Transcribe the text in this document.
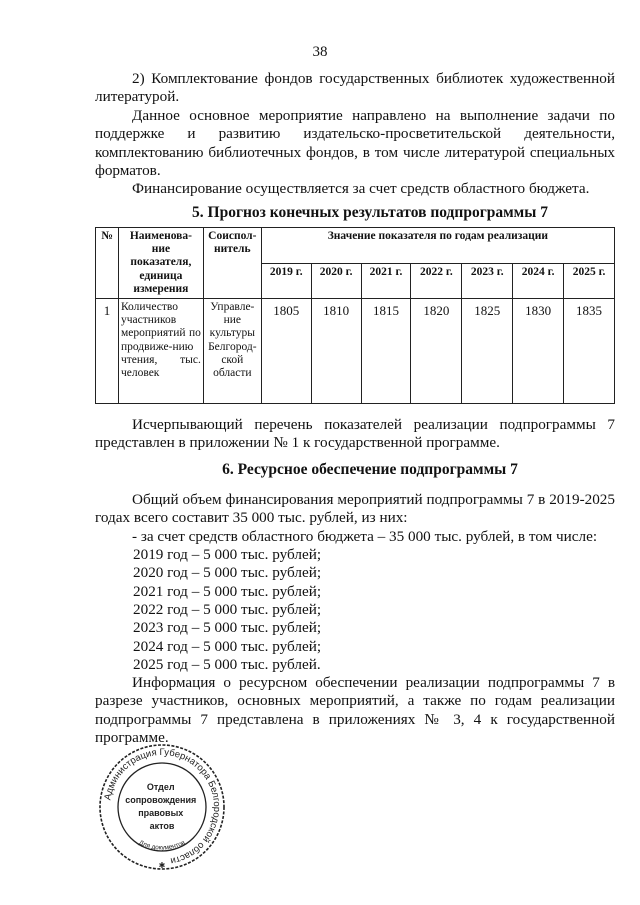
38

2) Комплектование фондов государственных библиотек художественной литературой.

Данное основное мероприятие направлено на выполнение задачи по поддержке и развитию издательско-просветительской деятельности, комплектованию библиотечных фондов, в том числе литературой специальных форматов.

Финансирование осуществляется за счет средств областного бюджета.

5. Прогноз конечных результатов подпрограммы 7
№	Наименова-ние показателя, единица измерения	Соиспол-нитель	Значение показателя по годам реализации						
			2019 г.	2020 г.	2021 г.	2022 г.	2023 г.	2024 г.	2025 г.
1	Количество участников мероприятий по продвиже-нию чтения, тыс. человек	Управле-ние культуры Белгород-ской области	1805	1810	1815	1820	1825	1830	1835

Исчерпывающий перечень показателей реализации подпрограммы 7 представлен в приложении № 1 к государственной программе.

6. Ресурсное обеспечение подпрограммы 7

Общий объем финансирования мероприятий подпрограммы 7 в 2019-2025 годах всего составит 35 000 тыс. рублей, из них:

- за счет средств областного бюджета – 35 000 тыс. рублей, в том числе:

2019 год – 5 000 тыс. рублей;
2020 год – 5 000 тыс. рублей;
2021 год – 5 000 тыс. рублей;
2022 год – 5 000 тыс. рублей;
2023 год – 5 000 тыс. рублей;
2024 год – 5 000 тыс. рублей;
2025 год – 5 000 тыс. рублей.

Информация о ресурсном обеспечении реализации подпрограммы 7 в разрезе участников, основных мероприятий, а также по годам реализации подпрограммы 7 представлена в приложениях № 3, 4 к государственной программе.

Администрация Губернатора Белгородской области
Отдел сопровождения правовых актов
Для документов
✱
